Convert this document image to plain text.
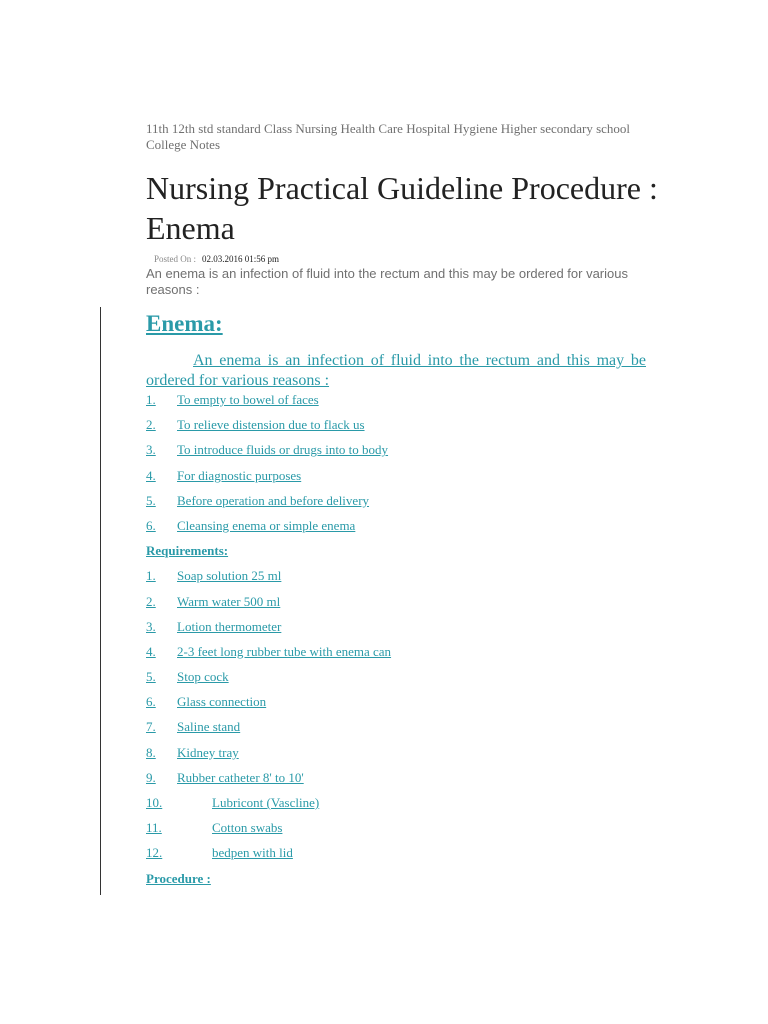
11th 12th std standard Class Nursing Health Care Hospital Hygiene Higher secondary school College Notes
Nursing Practical Guideline Procedure : Enema
Posted On : 02.03.2016 01:56 pm
An enema is an infection of fluid into the rectum and this may be ordered for various reasons :
Enema:

An enema is an infection of fluid into the rectum and this may be ordered for various reasons :

1. To empty to bowel of faces
2. To relieve distension due to flack us
3. To introduce fluids or drugs into to body
4. For diagnostic purposes
5. Before operation and before delivery
6. Cleansing enema or simple enema
Requirements:
1. Soap solution 25 ml
2. Warm water 500 ml
3. Lotion thermometer
4. 2-3 feet long rubber tube with enema can
5. Stop cock
6. Glass connection
7. Saline stand
8. Kidney tray
9. Rubber catheter 8' to 10'
10.	Lubricont (Vascline)
11.	Cotton swabs
12.	bedpen with lid
Procedure :
